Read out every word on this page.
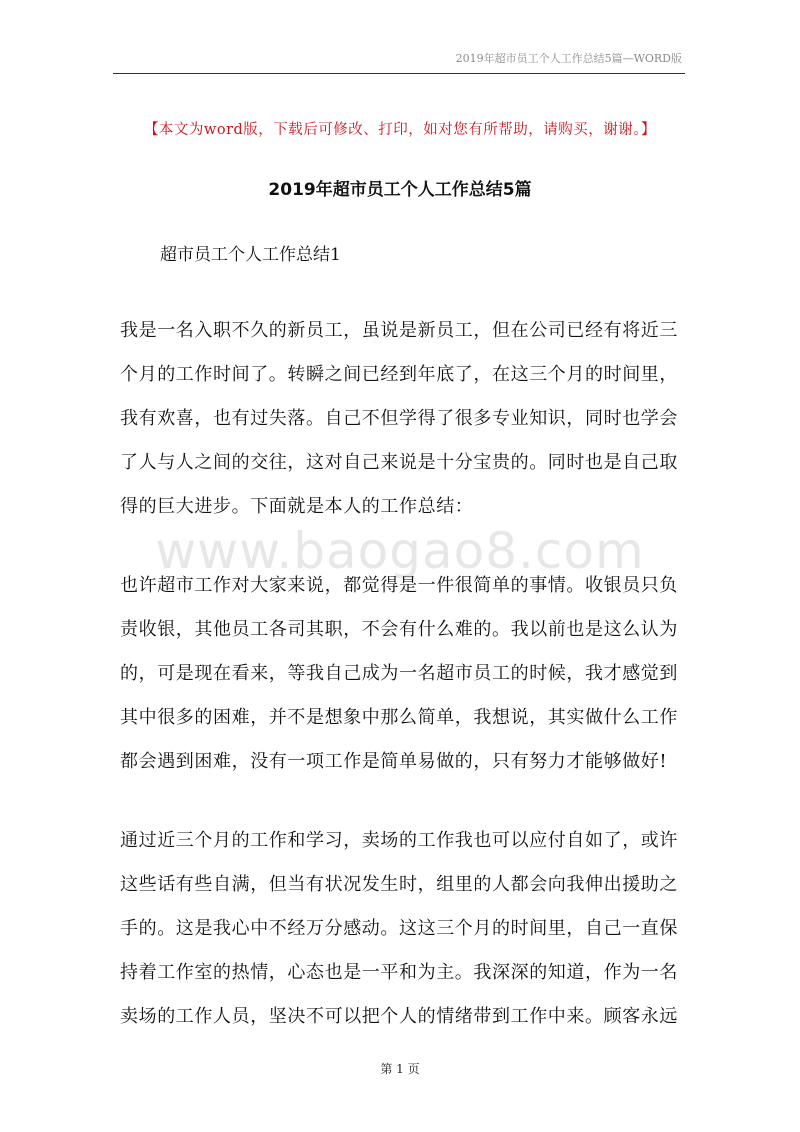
2019年超市员工个人工作总结5篇—WORD版
【本文为word版，下载后可修改、打印，如对您有所帮助，请购买，谢谢。】
2019年超市员工个人工作总结5篇
超市员工个人工作总结1
www.baogao8.com
我是一名入职不久的新员工，虽说是新员工，但在公司已经有将近三
个月的工作时间了。转瞬之间已经到年底了，在这三个月的时间里，
我有欢喜，也有过失落。自己不但学得了很多专业知识，同时也学会
了人与人之间的交往，这对自己来说是十分宝贵的。同时也是自己取
得的巨大进步。下面就是本人的工作总结：
也许超市工作对大家来说，都觉得是一件很简单的事情。收银员只负
责收银，其他员工各司其职，不会有什么难的。我以前也是这么认为
的，可是现在看来，等我自己成为一名超市员工的时候，我才感觉到
其中很多的困难，并不是想象中那么简单，我想说，其实做什么工作
都会遇到困难，没有一项工作是简单易做的，只有努力才能够做好!
通过近三个月的工作和学习，卖场的工作我也可以应付自如了，或许
这些话有些自满，但当有状况发生时，组里的人都会向我伸出援助之
手的。这是我心中不经万分感动。这这三个月的时间里，自己一直保
持着工作室的热情，心态也是一平和为主。我深深的知道，作为一名
卖场的工作人员，坚决不可以把个人的情绪带到工作中来。顾客永远
第 1 页
